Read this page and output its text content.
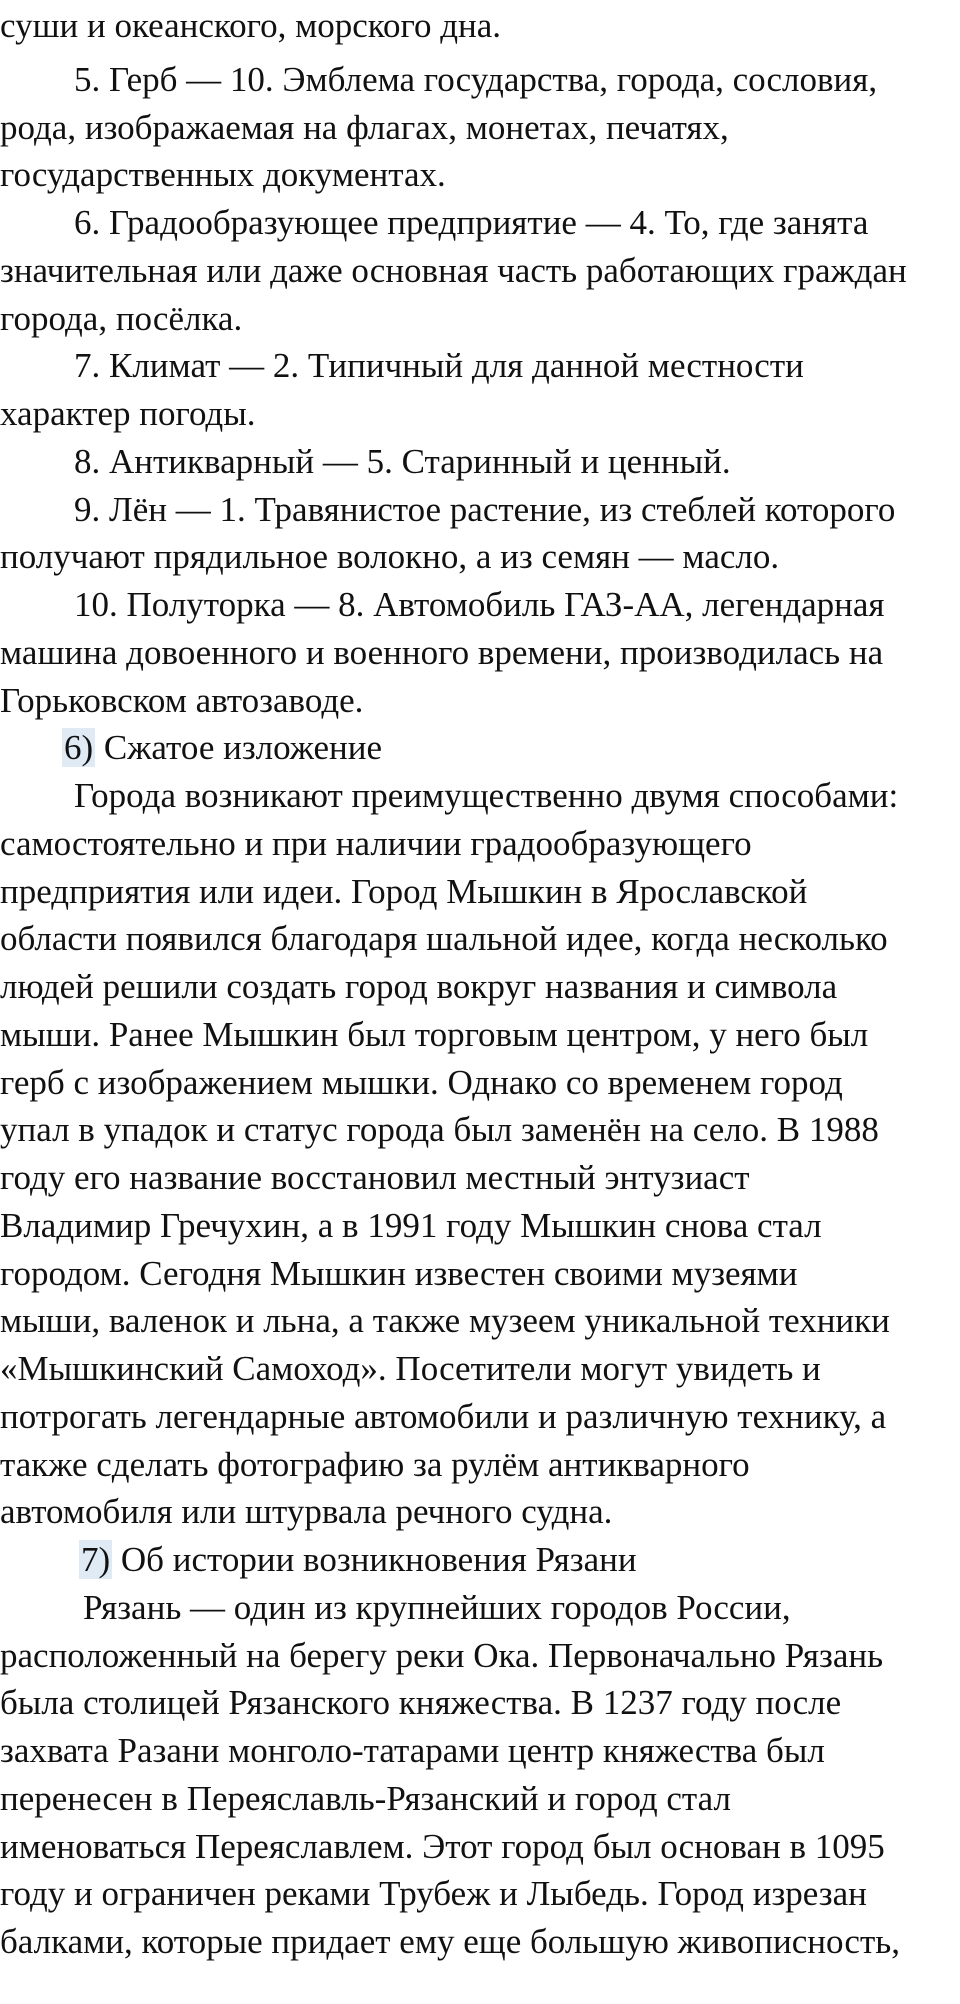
суши и океанского, морского дна.
5. Герб — 10. Эмблема государства, города, сословия,
рода, изображаемая на флагах, монетах, печатях,
государственных документах.
6. Градообразующее предприятие — 4. То, где занята
значительная или даже основная часть работающих граждан
города, посёлка.
7. Климат — 2. Типичный для данной местности
характер погоды.
8. Антикварный — 5. Старинный и ценный.
9. Лён — 1. Травянистое растение, из стеблей которого
получают прядильное волокно, а из семян — масло.
10. Полуторка — 8. Автомобиль ГАЗ-АА, легендарная
машина довоенного и военного времени, производилась на
Горьковском автозаводе.
6) Сжатое изложение
Города возникают преимущественно двумя способами:
самостоятельно и при наличии градообразующего
предприятия или идеи. Город Мышкин в Ярославской
области появился благодаря шальной идее, когда несколько
людей решили создать город вокруг названия и символа
мыши. Ранее Мышкин был торговым центром, у него был
герб с изображением мышки. Однако со временем город
упал в упадок и статус города был заменён на село. В 1988
году его название восстановил местный энтузиаст
Владимир Гречухин, а в 1991 году Мышкин снова стал
городом. Сегодня Мышкин известен своими музеями
мыши, валенок и льна, а также музеем уникальной техники
«Мышкинский Самоход». Посетители могут увидеть и
потрогать легендарные автомобили и различную технику, а
также сделать фотографию за рулём антикварного
автомобиля или штурвала речного судна.
7) Об истории возникновения Рязани
Рязань — один из крупнейших городов России,
расположенный на берегу реки Ока. Первоначально Рязань
была столицей Рязанского княжества. В 1237 году после
захвата Разани монголо-татарами центр княжества был
перенесен в Переяславль-Рязанский и город стал
именоваться Переяславлем. Этот город был основан в 1095
году и ограничен реками Трубеж и Лыбедь. Город изрезан
балками, которые придает ему еще большую живописность,
